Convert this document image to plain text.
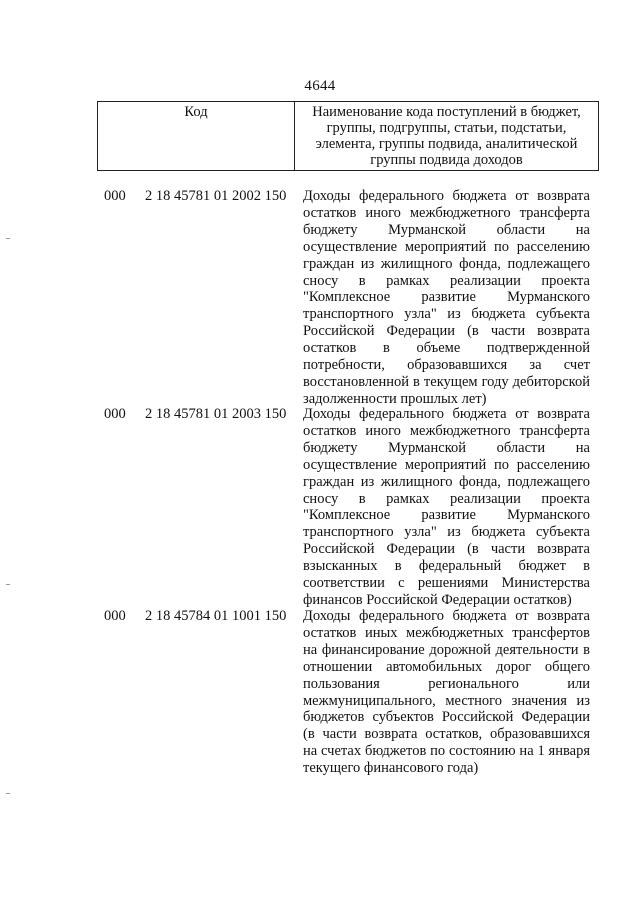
4644
Код	Наименование кода поступлений в бюджет, группы, подгруппы, статьи, подстатьи, элемента, группы подвида, аналитической группы подвида доходов
000 2 18 45781 01 2002 150 Доходы федерального бюджета от возврата остатков иного межбюджетного трансферта бюджету Мурманской области на осуществление мероприятий по расселению граждан из жилищного фонда, подлежащего сносу в рамках реализации проекта "Комплексное развитие Мурманского транспортного узла" из бюджета субъекта Российской Федерации (в части возврата остатков в объеме подтвержденной потребности, образовавшихся за счет восстановленной в текущем году дебиторской задолженности прошлых лет)
000 2 18 45781 01 2003 150 Доходы федерального бюджета от возврата остатков иного межбюджетного трансферта бюджету Мурманской области на осуществление мероприятий по расселению граждан из жилищного фонда, подлежащего сносу в рамках реализации проекта "Комплексное развитие Мурманского транспортного узла" из бюджета субъекта Российской Федерации (в части возврата взысканных в федеральный бюджет в соответствии с решениями Министерства финансов Российской Федерации остатков)
000 2 18 45784 01 1001 150 Доходы федерального бюджета от возврата остатков иных межбюджетных трансфертов на финансирование дорожной деятельности в отношении автомобильных дорог общего пользования регионального или межмуниципального, местного значения из бюджетов субъектов Российской Федерации (в части возврата остатков, образовавшихся на счетах бюджетов по состоянию на 1 января текущего финансового года)
